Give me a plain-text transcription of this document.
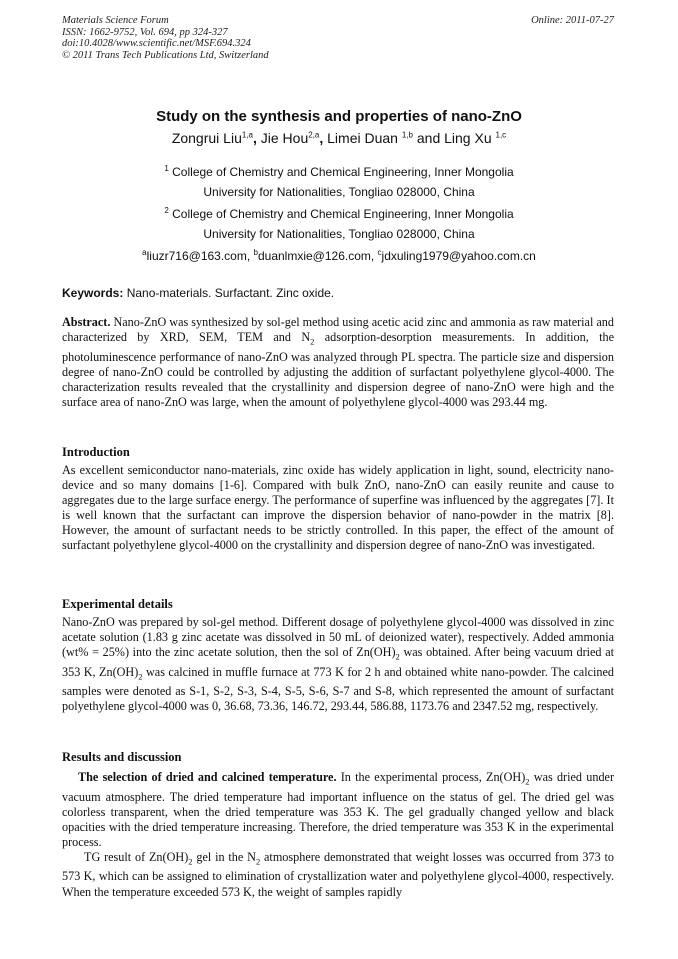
Materials Science Forum
ISSN: 1662-9752, Vol. 694, pp 324-327
doi:10.4028/www.scientific.net/MSF.694.324
© 2011 Trans Tech Publications Ltd, Switzerland
Online: 2011-07-27
Study on the synthesis and properties of nano-ZnO
Zongrui Liu$^{1,a}$, Jie Hou$^{2,a}$, Limei Duan $^{1,b}$ and Ling Xu $^{1,c}$
$^1$ College of Chemistry and Chemical Engineering, Inner Mongolia
University for Nationalities, Tongliao 028000, China
$^2$ College of Chemistry and Chemical Engineering, Inner Mongolia
University for Nationalities, Tongliao 028000, China
$^a$liuzr716@163.com, $^b$duanlmxie@126.com, $^c$jdxuling1979@yahoo.com.cn
Keywords: Nano-materials. Surfactant. Zinc oxide.
Abstract. Nano-ZnO was synthesized by sol-gel method using acetic acid zinc and ammonia as raw material and characterized by XRD, SEM, TEM and $N_2$ adsorption-desorption measurements. In addition, the photoluminescence performance of nano-ZnO was analyzed through PL spectra. The particle size and dispersion degree of nano-ZnO could be controlled by adjusting the addition of surfactant polyethylene glycol-4000. The characterization results revealed that the crystallinity and dispersion degree of nano-ZnO were high and the surface area of nano-ZnO was large, when the amount of polyethylene glycol-4000 was 293.44 mg.
Introduction
As excellent semiconductor nano-materials, zinc oxide has widely application in light, sound, electricity nano-device and so many domains [1-6]. Compared with bulk ZnO, nano-ZnO can easily reunite and cause to aggregates due to the large surface energy. The performance of superfine was influenced by the aggregates [7]. It is well known that the surfactant can improve the dispersion behavior of nano-powder in the matrix [8]. However, the amount of surfactant needs to be strictly controlled. In this paper, the effect of the amount of surfactant polyethylene glycol-4000 on the crystallinity and dispersion degree of nano-ZnO was investigated.
Experimental details
Nano-ZnO was prepared by sol-gel method. Different dosage of polyethylene glycol-4000 was dissolved in zinc acetate solution (1.83 g zinc acetate was dissolved in 50 mL of deionized water), respectively. Added ammonia (wt% = 25%) into the zinc acetate solution, then the sol of $Zn(OH)_2$ was obtained. After being vacuum dried at 353 K, $Zn(OH)_2$ was calcined in muffle furnace at 773 K for 2 h and obtained white nano-powder. The calcined samples were denoted as S-1, S-2, S-3, S-4, S-5, S-6, S-7 and S-8, which represented the amount of surfactant polyethylene glycol-4000 was 0, 36.68, 73.36, 146.72, 293.44, 586.88, 1173.76 and 2347.52 mg, respectively.
Results and discussion
The selection of dried and calcined temperature. In the experimental process, $Zn(OH)_2$ was dried under vacuum atmosphere. The dried temperature had important influence on the status of gel. The dried gel was colorless transparent, when the dried temperature was 353 K. The gel gradually changed yellow and black opacities with the dried temperature increasing. Therefore, the dried temperature was 353 K in the experimental process.
TG result of $Zn(OH)_2$ gel in the $N_2$ atmosphere demonstrated that weight losses was occurred from 373 to 573 K, which can be assigned to elimination of crystallization water and polyethylene glycol-4000, respectively. When the temperature exceeded 573 K, the weight of samples rapidly
